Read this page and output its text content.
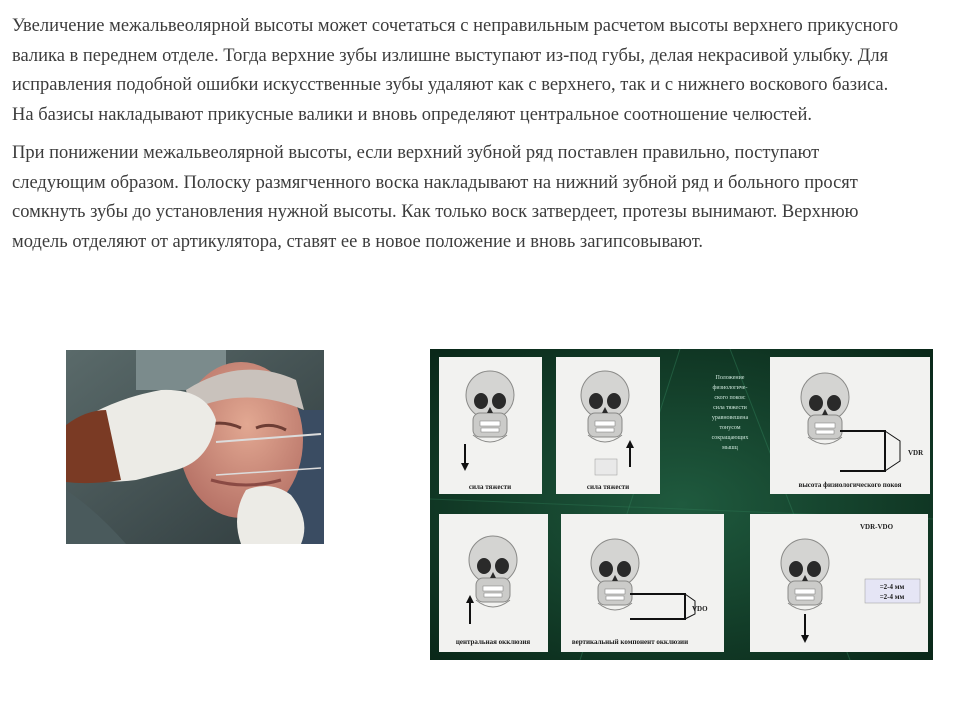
Увеличение межальвеолярной высоты может сочетаться с неправильным расчетом высоты верхнего прикусного валика в переднем отделе. Тогда верхние зубы излишне выступают из-под губы, делая некрасивой улыбку. Для исправления подобной ошибки искусственные зубы удаляют как с верхнего, так и с нижнего воскового базиса. На базисы накладывают прикусные валики и вновь определяют центральное соотношение челюстей.

При понижении межальвеолярной высоты, если верхний зубной ряд поставлен правильно, поступают следующим образом. Полоску размягченного воска накладывают на нижний зубной ряд и больного просят сомкнуть зубы до установления нужной высоты. Как только воск затвердеет, протезы вынимают. Верхнюю модель отделяют от артикулятора, ставят ее в новое положение и вновь загипсовывают.

сила тяжести	сила тяжести
Положение
физиологиче-
ского покоя:
сила тяжести
уравновешена
тонусом
сокращающих
мышц
VDR
высота физиологического покоя
центральная окклюзия
VDO
вертикальный компонент окклюзии
VDR-VDO
=2-4 мм
=2-4 мм
